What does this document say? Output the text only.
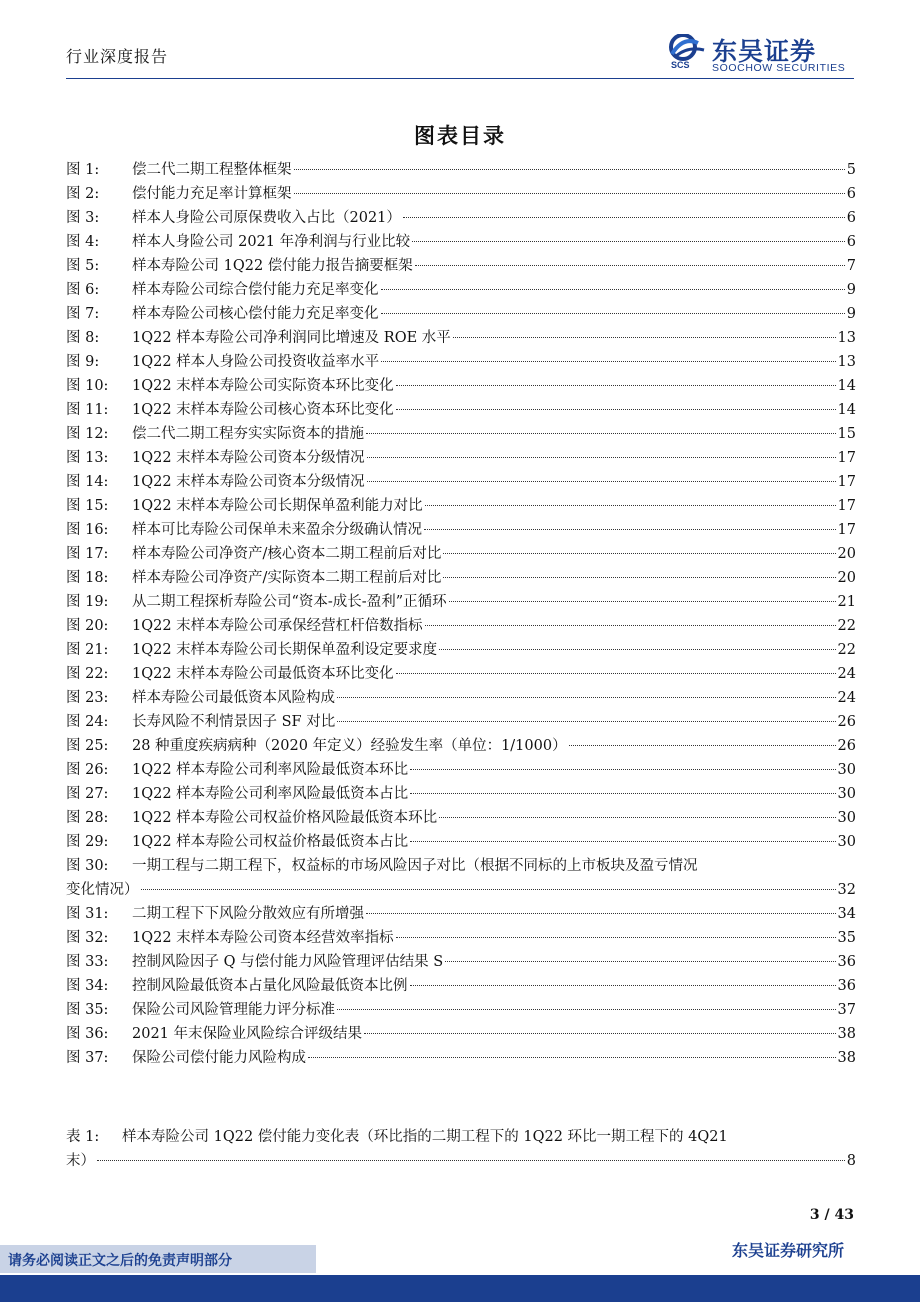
行业深度报告	SCS 东吴证券
SOOCHOW SECURITIES
图表目录
图 1:	偿二代二期工程整体框架	5
图 2:	偿付能力充足率计算框架	6
图 3:	样本人身险公司原保费收入占比（2021）	6
图 4:	样本人身险公司 2021 年净利润与行业比较	6
图 5:	样本寿险公司 1Q22 偿付能力报告摘要框架	7
图 6:	样本寿险公司综合偿付能力充足率变化	9
图 7:	样本寿险公司核心偿付能力充足率变化	9
图 8:	1Q22 样本寿险公司净利润同比增速及 ROE 水平	13
图 9:	1Q22 样本人身险公司投资收益率水平	13
图 10:	1Q22 末样本寿险公司实际资本环比变化	14
图 11:	1Q22 末样本寿险公司核心资本环比变化	14
图 12:	偿二代二期工程夯实实际资本的措施	15
图 13:	1Q22 末样本寿险公司资本分级情况	17
图 14:	1Q22 末样本寿险公司资本分级情况	17
图 15:	1Q22 末样本寿险公司长期保单盈利能力对比	17
图 16:	样本可比寿险公司保单未来盈余分级确认情况	17
图 17:	样本寿险公司净资产/核心资本二期工程前后对比	20
图 18:	样本寿险公司净资产/实际资本二期工程前后对比	20
图 19:	从二期工程探析寿险公司“资本-成长-盈利”正循环	21
图 20:	1Q22 末样本寿险公司承保经营杠杆倍数指标	22
图 21:	1Q22 末样本寿险公司长期保单盈利设定要求度	22
图 22:	1Q22 末样本寿险公司最低资本环比变化	24
图 23:	样本寿险公司最低资本风险构成	24
图 24:	长寿风险不利情景因子 SF 对比	26
图 25:	28 种重度疾病病种（2020 年定义）经验发生率（单位：1/1000）	26
图 26:	1Q22 样本寿险公司利率风险最低资本环比	30
图 27:	1Q22 样本寿险公司利率风险最低资本占比	30
图 28:	1Q22 样本寿险公司权益价格风险最低资本环比	30
图 29:	1Q22 样本寿险公司权益价格最低资本占比	30
图 30:	一期工程与二期工程下，权益标的市场风险因子对比（根据不同标的上市板块及盈亏情况
变化情况）	32
图 31:	二期工程下下风险分散效应有所增强	34
图 32:	1Q22 末样本寿险公司资本经营效率指标	35
图 33:	控制风险因子 Q 与偿付能力风险管理评估结果 S	36
图 34:	控制风险最低资本占量化风险最低资本比例	36
图 35:	保险公司风险管理能力评分标准	37
图 36:	2021 年末保险业风险综合评级结果	38
图 37:	保险公司偿付能力风险构成	38
表 1:	样本寿险公司 1Q22 偿付能力变化表（环比指的二期工程下的 1Q22 环比一期工程下的 4Q21
末）	8
3 / 43
请务必阅读正文之后的免责声明部分
东吴证券研究所
